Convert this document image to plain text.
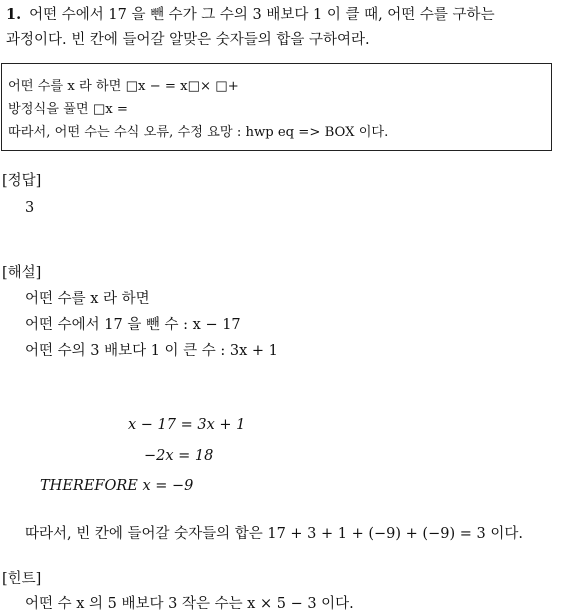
1. 어떤 수에서 17 을 뺀 수가 그 수의 3 배보다 1 이 클 때, 어떤 수를 구하는
과정이다. 빈 칸에 들어갈 알맞은 숫자들의 합을 구하여라.
어떤 수를 x 라 하면 □x − = x□× □+
방정식을 풀면 □x =
따라서, 어떤 수는 수식 오류, 수정 요망 : hwp eq => BOX 이다.
[정답]
3
[해설]
어떤 수를 x 라 하면
어떤 수에서 17 을 뺀 수 : x − 17
어떤 수의 3 배보다 1 이 큰 수 : 3x + 1
x − 17 = 3x + 1
−2x = 18
THEREFORE x = −9
따라서, 빈 칸에 들어갈 숫자들의 합은 17 + 3 + 1 + (−9) + (−9) = 3 이다.
[힌트]
어떤 수 x 의 5 배보다 3 작은 수는 x × 5 − 3 이다.
